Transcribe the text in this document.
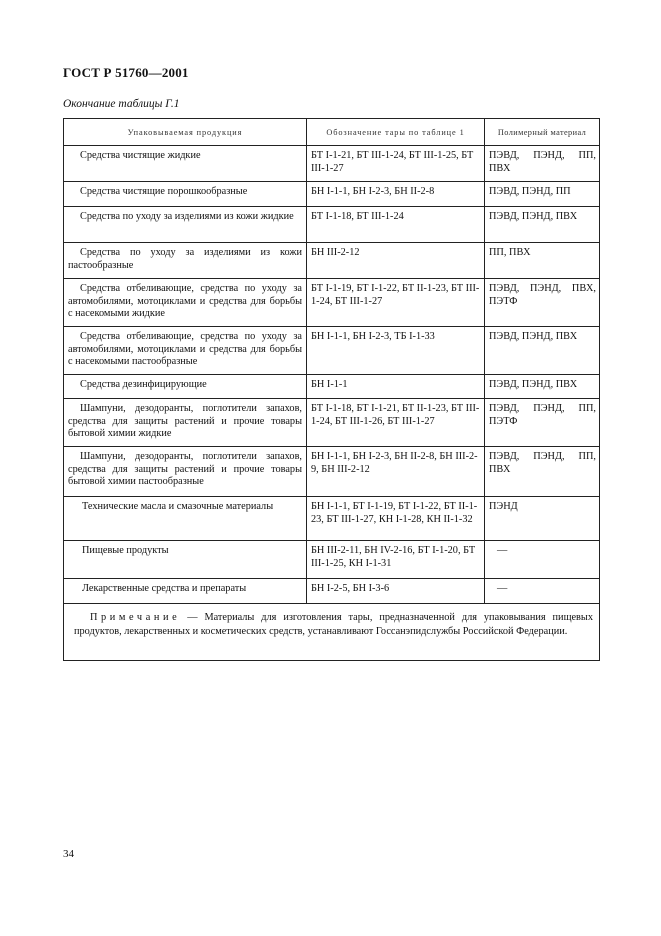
ГОСТ Р 51760—2001
Окончание таблицы Г.1
Упаковываемая продукция	Обозначение тары по таблице 1	Полимерный материал

Средства чистящие жидкие	БТ I-1-21, БТ III-1-24, БТ III-1-25, БТ III-1-27	ПЭВД, ПЭНД, ПП, ПВХ

Средства чистящие порошкообразные	БН I-1-1, БН I-2-3, БН II-2-8	ПЭВД, ПЭНД, ПП

Средства по уходу за изделиями из кожи жидкие	БТ I-1-18, БТ III-1-24	ПЭВД, ПЭНД, ПВХ

Средства по уходу за изделиями из кожи пастообразные	БН III-2-12	ПП, ПВХ

Средства отбеливающие, средства по уходу за автомобилями, мотоциклами и средства для борьбы с насекомыми жидкие	БТ I-1-19, БТ I-1-22, БТ II-1-23, БТ III-1-24, БТ III-1-27	ПЭВД, ПЭНД, ПВХ, ПЭТФ

Средства отбеливающие, средства по уходу за автомобилями, мотоциклами и средства для борьбы с насекомыми пастообразные	БН I-1-1, БН I-2-3, ТБ I-1-33	ПЭВД, ПЭНД, ПВХ

Средства дезинфицирующие	БН I-1-1	ПЭВД, ПЭНД, ПВХ

Шампуни, дезодоранты, поглотители запахов, средства для защиты растений и прочие товары бытовой химии жидкие	БТ I-1-18, БТ I-1-21, БТ II-1-23, БТ III-1-24, БТ III-1-26, БТ III-1-27	ПЭВД, ПЭНД, ПП, ПЭТФ

Шампуни, дезодоранты, поглотители запахов, средства для защиты растений и прочие товары бытовой химии пастообразные	БН I-1-1, БН I-2-3, БН II-2-8, БН III-2-9, БН III-2-12	ПЭВД, ПЭНД, ПП, ПВХ

Технические масла и смазочные материалы	БН I-1-1, БТ I-1-19, БТ I-1-22, БТ II-1-23, БТ III-1-27, КН I-1-28, КН II-1-32	ПЭНД

Пищевые продукты	БН III-2-11, БН IV-2-16, БТ I-1-20, БТ III-1-25, КН I-1-31	—

Лекарственные средства и препараты	БН I-2-5, БН I-3-6	—
Примечание — Материалы для изготовления тары, предназначенной для упаковывания пищевых продуктов, лекарственных и косметических средств, устанавливают Госсанэпидслужбы Российской Федерации.		
34
